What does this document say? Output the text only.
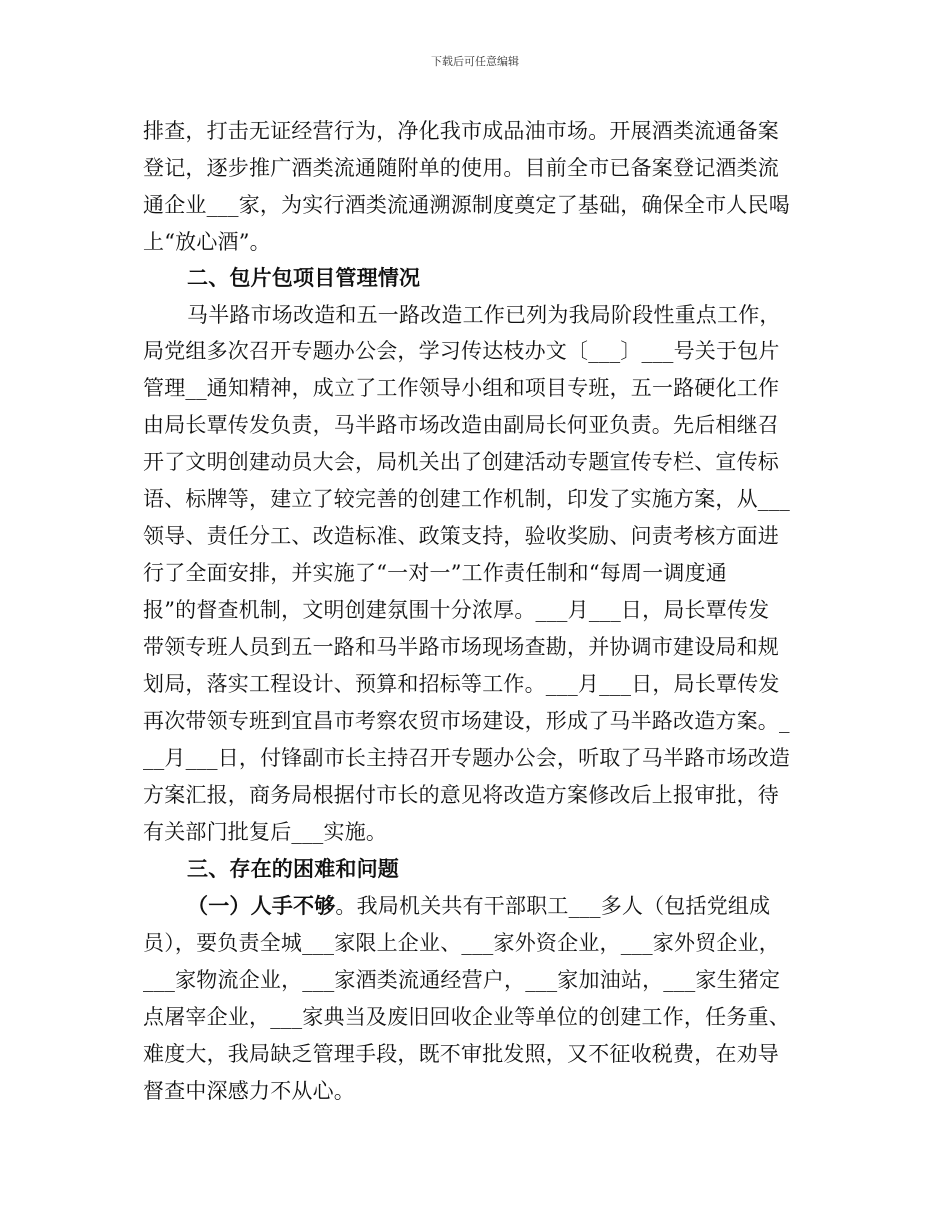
下载后可任意编辑
排查，打击无证经营行为，净化我市成品油市场。开展酒类流通备案
登记，逐步推广酒类流通随附单的使用。目前全市已备案登记酒类流
通企业___家，为实行酒类流通溯源制度奠定了基础，确保全市人民喝
上“放心酒”。
二、包片包项目管理情况
马半路市场改造和五一路改造工作已列为我局阶段性重点工作，
局党组多次召开专题办公会，学习传达枝办文〔___〕___号关于包片
管理__通知精神，成立了工作领导小组和项目专班，五一路硬化工作
由局长覃传发负责，马半路市场改造由副局长何亚负责。先后相继召
开了文明创建动员大会，局机关出了创建活动专题宣传专栏、宣传标
语、标牌等，建立了较完善的创建工作机制，印发了实施方案，从___
领导、责任分工、改造标准、政策支持，验收奖励、问责考核方面进
行了全面安排，并实施了“一对一”工作责任制和“每周一调度通
报”的督查机制，文明创建氛围十分浓厚。___月___日，局长覃传发
带领专班人员到五一路和马半路市场现场查勘，并协调市建设局和规
划局，落实工程设计、预算和招标等工作。___月___日，局长覃传发
再次带领专班到宜昌市考察农贸市场建设，形成了马半路改造方案。_
__月___日，付锋副市长主持召开专题办公会，听取了马半路市场改造
方案汇报，商务局根据付市长的意见将改造方案修改后上报审批，待
有关部门批复后___实施。
三、存在的困难和问题
（一）人手不够。我局机关共有干部职工___多人（包括党组成
员），要负责全城___家限上企业、___家外资企业，___家外贸企业，
___家物流企业，___家酒类流通经营户，___家加油站，___家生猪定
点屠宰企业，___家典当及废旧回收企业等单位的创建工作，任务重、
难度大，我局缺乏管理手段，既不审批发照，又不征收税费，在劝导
督查中深感力不从心。
